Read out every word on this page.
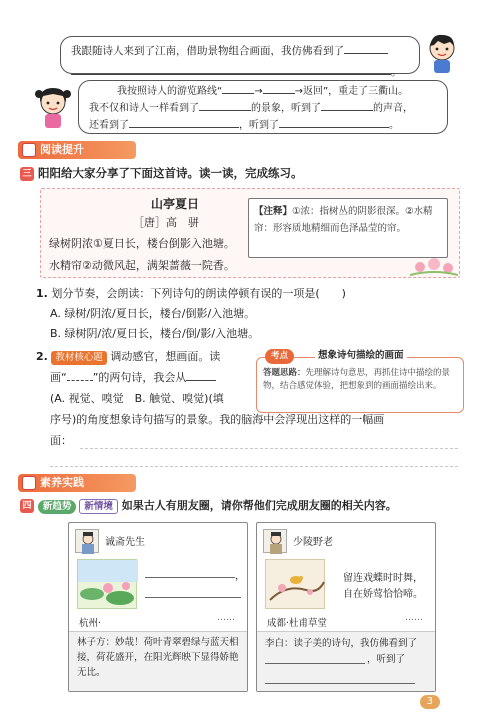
我跟随诗人来到了江南，借助景物组合画面，我仿佛看到了
。
我按照诗人的游览路线“	→	→返回”，重走了三衢山。
我不仅和诗人一样看到了	的景象，听到了	的声音，
还看到了	，听到了	。
阅读提升
三 阳阳给大家分享了下面这首诗。读一读，完成练习。
山亭夏日
［唐］高　骈
绿树阴浓①夏日长，楼台倒影入池塘。
水精帘②动微风起，满架蔷薇一院香。
【注释】①浓：指树丛的阴影很深。②水精帘：形容质地精细而色泽晶莹的帘。
1. 划分节奏，会朗读：下列诗句的朗读停顿有误的一项是(　　)
A. 绿树/阴浓/夏日长，楼台/倒影/入池塘。
B. 绿树阴/浓/夏日长，楼台/倒/影/入池塘。
2. 教材核心题 调动感官，想画面。读
画“ ”的两句诗，我会从
(A. 视觉、嗅觉　B. 触觉、嗅觉)(填
序号)的角度想象诗句描写的景象。我的脑海中会浮现出这样的一幅画
面：
考点	想象诗句描绘的画面
答题思路：先理解诗句意思，再抓住诗中描绘的景物，结合感觉体验，把想象到的画面描绘出来。
素养实践
四 新趋势 新情境 如果古人有朋友圈，请你帮他们完成朋友圈的相关内容。
诚斋先生
，
杭州·	……
林子方：妙哉！荷叶青翠碧绿与蓝天相接，荷花盛开，在阳光辉映下显得娇艳无比。
少陵野老
留连戏蝶时时舞，
自在娇莺恰恰啼。
成都·杜甫草堂	……
李白：读子美的诗句，我仿佛看到了
，听到了
3
